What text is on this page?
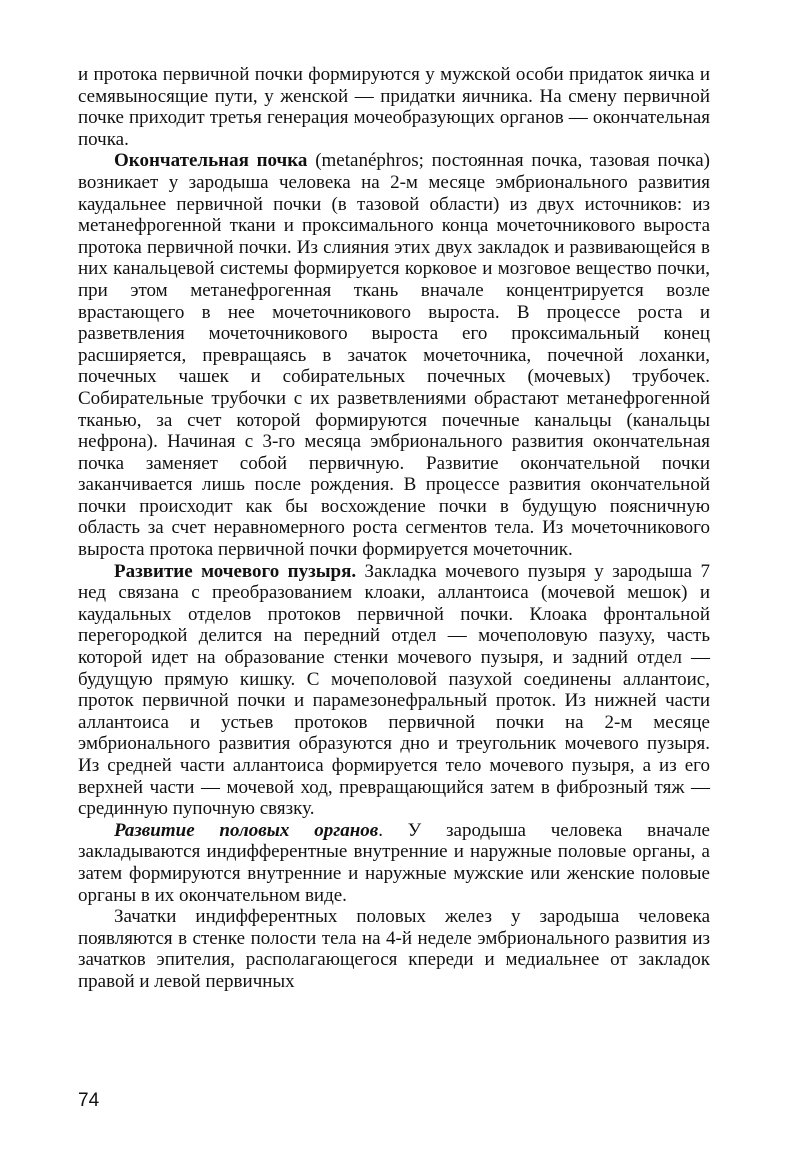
и протока первичной почки формируются у мужской особи придаток яичка и семявыносящие пути, у женской — придатки яичника. На смену первичной почке приходит третья генерация мочеобразующих органов — окончательная почка.

Окончательная почка (metanéphros; постоянная почка, тазовая почка) возникает у зародыша человека на 2-м месяце эмбрионального развития каудальнее первичной почки (в тазовой области) из двух источников: из метанефрогенной ткани и проксимального конца мочеточникового выроста протока первичной почки. Из слияния этих двух закладок и развивающейся в них канальцевой системы формируется корковое и мозговое вещество почки, при этом метанефрогенная ткань вначале концентрируется возле врастающего в нее мочеточникового выроста. В процессе роста и разветвления мочеточникового выроста его проксимальный конец расширяется, превращаясь в зачаток мочеточника, почечной лоханки, почечных чашек и собирательных почечных (мочевых) трубочек. Собирательные трубочки с их разветвлениями обрастают метанефрогенной тканью, за счет которой формируются почечные канальцы (канальцы нефрона). Начиная с 3-го месяца эмбрионального развития окончательная почка заменяет собой первичную. Развитие окончательной почки заканчивается лишь после рождения. В процессе развития окончательной почки происходит как бы восхождение почки в будущую поясничную область за счет неравномерного роста сегментов тела. Из мочеточникового выроста протока первичной почки формируется мочеточник.

Развитие мочевого пузыря. Закладка мочевого пузыря у зародыша 7 нед связана с преобразованием клоаки, аллантоиса (мочевой мешок) и каудальных отделов протоков первичной почки. Клоака фронтальной перегородкой делится на передний отдел — мочеполовую пазуху, часть которой идет на образование стенки мочевого пузыря, и задний отдел — будущую прямую кишку. С мочеполовой пазухой соединены аллантоис, проток первичной почки и парамезонефральный проток. Из нижней части аллантоиса и устьев протоков первичной почки на 2-м месяце эмбрионального развития образуются дно и треугольник мочевого пузыря. Из средней части аллантоиса формируется тело мочевого пузыря, а из его верхней части — мочевой ход, превращающийся затем в фиброзный тяж — срединную пупочную связку.

Развитие половых органов. У зародыша человека вначале закладываются индифферентные внутренние и наружные половые органы, а затем формируются внутренние и наружные мужские или женские половые органы в их окончательном виде.

Зачатки индифферентных половых желез у зародыша человека появляются в стенке полости тела на 4-й неделе эмбрионального развития из зачатков эпителия, располагающегося кпереди и медиальнее от закладок правой и левой первичных

74
